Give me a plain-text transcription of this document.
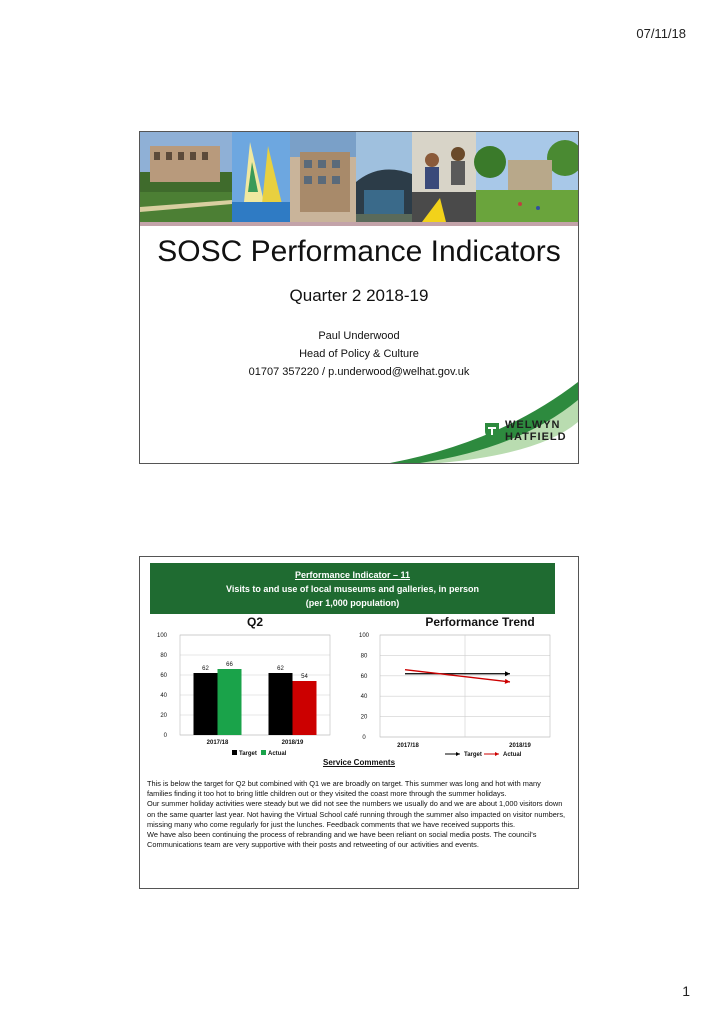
07/11/18
SOSC Performance Indicators
Quarter 2 2018-19
Paul Underwood
Head of Policy & Culture
01707 357220 / p.underwood@welhat.gov.uk
WELWYN
HATFIELD
Performance Indicator – 11
Visits to and use of local museums and galleries, in person
(per 1,000 population)
Q2
0
20
40
60
80
100
62
66
2017/18
62
54
2018/19
Target Actual
Performance Trend
0
20
40
60
80
100
2017/18	2018/19
Target	Actual
Service Comments

This is below the target for Q2 but combined with Q1 we are broadly on target. This summer was long and hot with many families finding it too hot to bring little children out or they visited the coast more through the summer holidays.

Our summer holiday activities were steady but we did not see the numbers we usually do and we are about 1,000 visitors down on the same quarter last year. Not having the Virtual School café running through the summer also impacted on visitor numbers, missing many who come regularly for just the lunches. Feedback comments that we have received supports this.

We have also been continuing the process of rebranding and we have been reliant on social media posts. The council's Communications team are very supportive with their posts and retweeting of our activities and events.

1
